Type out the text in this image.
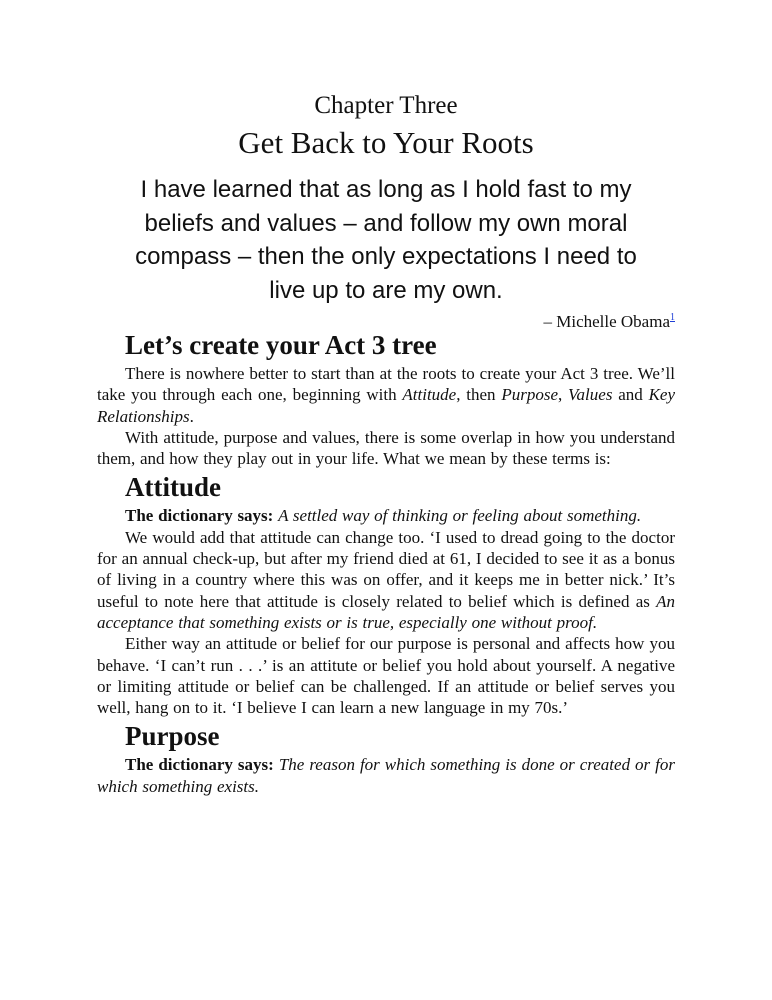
Chapter Three
Get Back to Your Roots
I have learned that as long as I hold fast to my
beliefs and values – and follow my own moral
compass – then the only expectations I need to
live up to are my own.
– Michelle Obama$^1$
Let’s create your Act 3 tree

There is nowhere better to start than at the roots to create your Act 3 tree. We’ll take you through each one, beginning with Attitude, then Purpose, Values and Key Relationships.

With attitude, purpose and values, there is some overlap in how you understand them, and how they play out in your life. What we mean by these terms is:

Attitude

The dictionary says: A settled way of thinking or feeling about something.

We would add that attitude can change too. ‘I used to dread going to the doctor for an annual check-up, but after my friend died at 61, I decided to see it as a bonus of living in a country where this was on offer, and it keeps me in better nick.’ It’s useful to note here that attitude is closely related to belief which is defined as An acceptance that something exists or is true, especially one without proof.

Either way an attitude or belief for our purpose is personal and affects how you behave. ‘I can’t run . . .’ is an attitute or belief you hold about yourself. A negative or limiting attitude or belief can be challenged. If an attitude or belief serves you well, hang on to it. ‘I believe I can learn a new language in my 70s.’

Purpose

The dictionary says: The reason for which something is done or created or for which something exists.
